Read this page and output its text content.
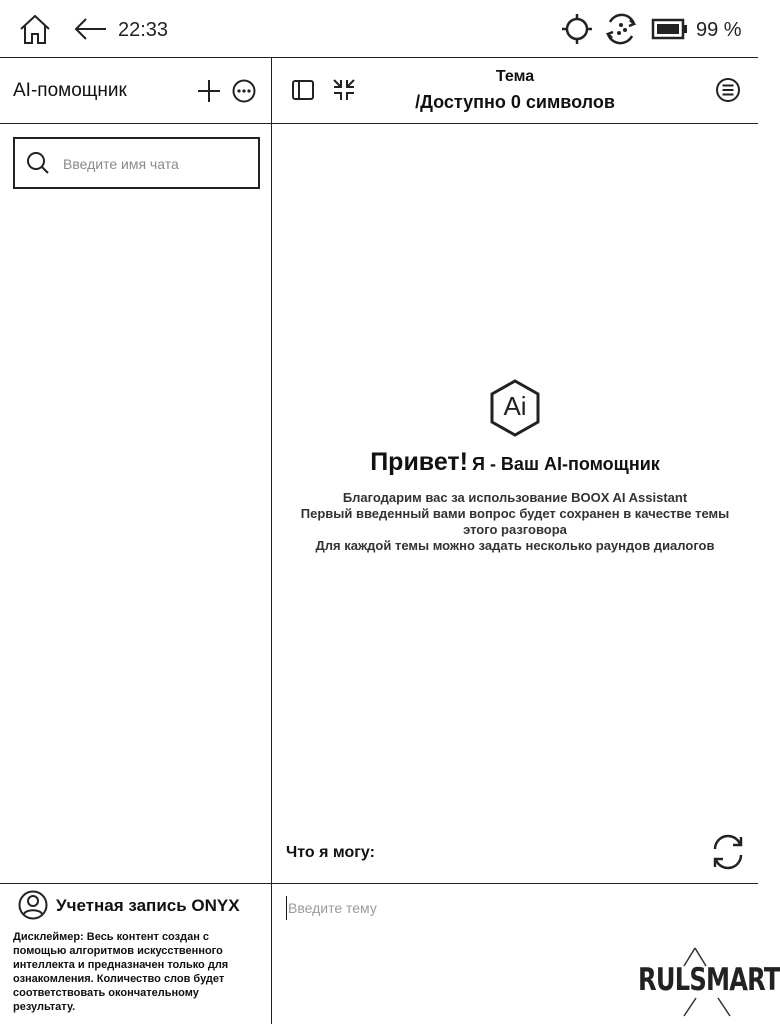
22:33	99 %
AI-помощник
Введите имя чата
Учетная запись ONYX
Дисклеймер: Весь контент создан с помощью алгоритмов искусственного интеллекта и предназначен только для ознакомления. Количество слов будет соответствовать окончательному результату.
Тема
/Доступно 0 символов
Ai
Привет! Я - Ваш AI-помощник
Благодарим вас за использование BOOX AI Assistant
Первый введенный вами вопрос будет сохранен в качестве темы этого разговора
Для каждой темы можно задать несколько раундов диалогов
Что я могу:
Введите тему
RULSMART
